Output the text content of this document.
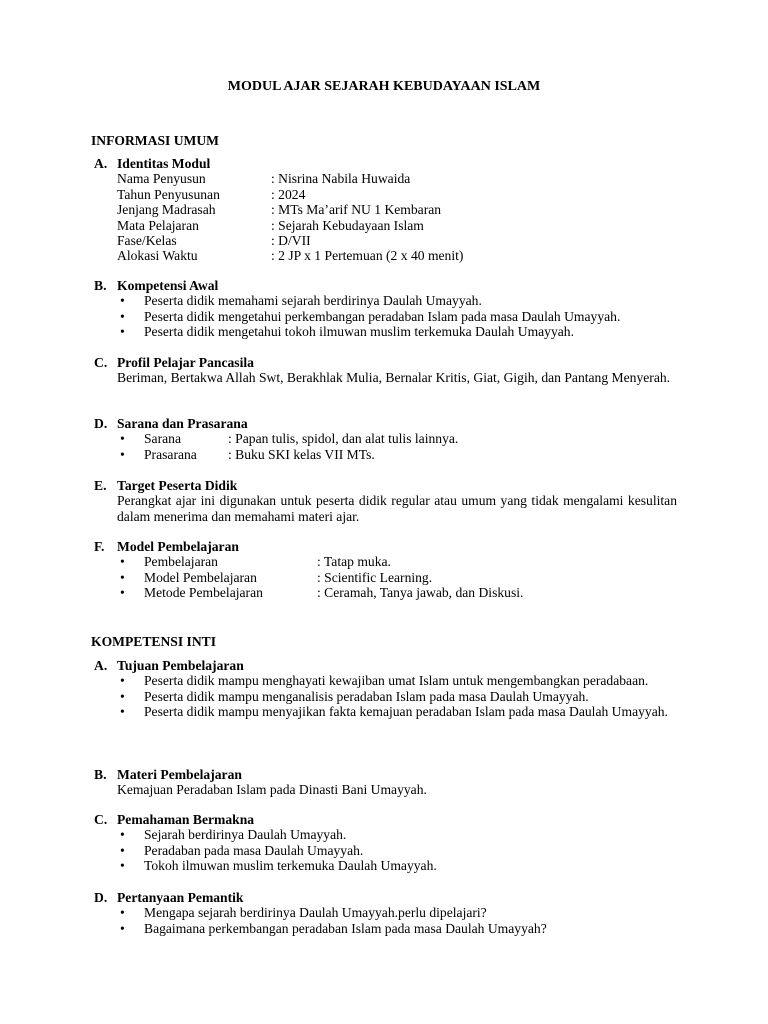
MODUL AJAR SEJARAH KEBUDAYAAN ISLAM
INFORMASI UMUM
A. Identitas Modul
Nama Penyusun	: Nisrina Nabila Huwaida
Tahun Penyusunan	: 2024
Jenjang Madrasah	: MTs Ma’arif NU 1 Kembaran
Mata Pelajaran	: Sejarah Kebudayaan Islam
Fase/Kelas	: D/VII
Alokasi Waktu	: 2 JP x 1 Pertemuan (2 x 40 menit)
B. Kompetensi Awal
• Peserta didik memahami sejarah berdirinya Daulah Umayyah.
• Peserta didik mengetahui perkembangan peradaban Islam pada masa Daulah Umayyah.
• Peserta didik mengetahui tokoh ilmuwan muslim terkemuka Daulah Umayyah.
C. Profil Pelajar Pancasila
Beriman, Bertakwa Allah Swt, Berakhlak Mulia, Bernalar Kritis, Giat, Gigih, dan Pantang Menyerah.
D. Sarana dan Prasarana
• Sarana	: Papan tulis, spidol, dan alat tulis lainnya.
• Prasarana : Buku SKI kelas VII MTs.
E. Target Peserta Didik
Perangkat ajar ini digunakan untuk peserta didik regular atau umum yang tidak mengalami kesulitan dalam menerima dan memahami materi ajar.
F. Model Pembelajaran
• Pembelajaran	: Tatap muka.
• Model Pembelajaran	: Scientific Learning.
• Metode Pembelajaran	: Ceramah, Tanya jawab, dan Diskusi.
KOMPETENSI INTI
A. Tujuan Pembelajaran
• Peserta didik mampu menghayati kewajiban umat Islam untuk mengembangkan peradabaan.
• Peserta didik mampu menganalisis peradaban Islam pada masa Daulah Umayyah.
• Peserta didik mampu menyajikan fakta kemajuan peradaban Islam pada masa Daulah Umayyah.
B. Materi Pembelajaran
Kemajuan Peradaban Islam pada Dinasti Bani Umayyah.
C. Pemahaman Bermakna
• Sejarah berdirinya Daulah Umayyah.
• Peradaban pada masa Daulah Umayyah.
• Tokoh ilmuwan muslim terkemuka Daulah Umayyah.
D. Pertanyaan Pemantik
• Mengapa sejarah berdirinya Daulah Umayyah.perlu dipelajari?
• Bagaimana perkembangan peradaban Islam pada masa Daulah Umayyah?
